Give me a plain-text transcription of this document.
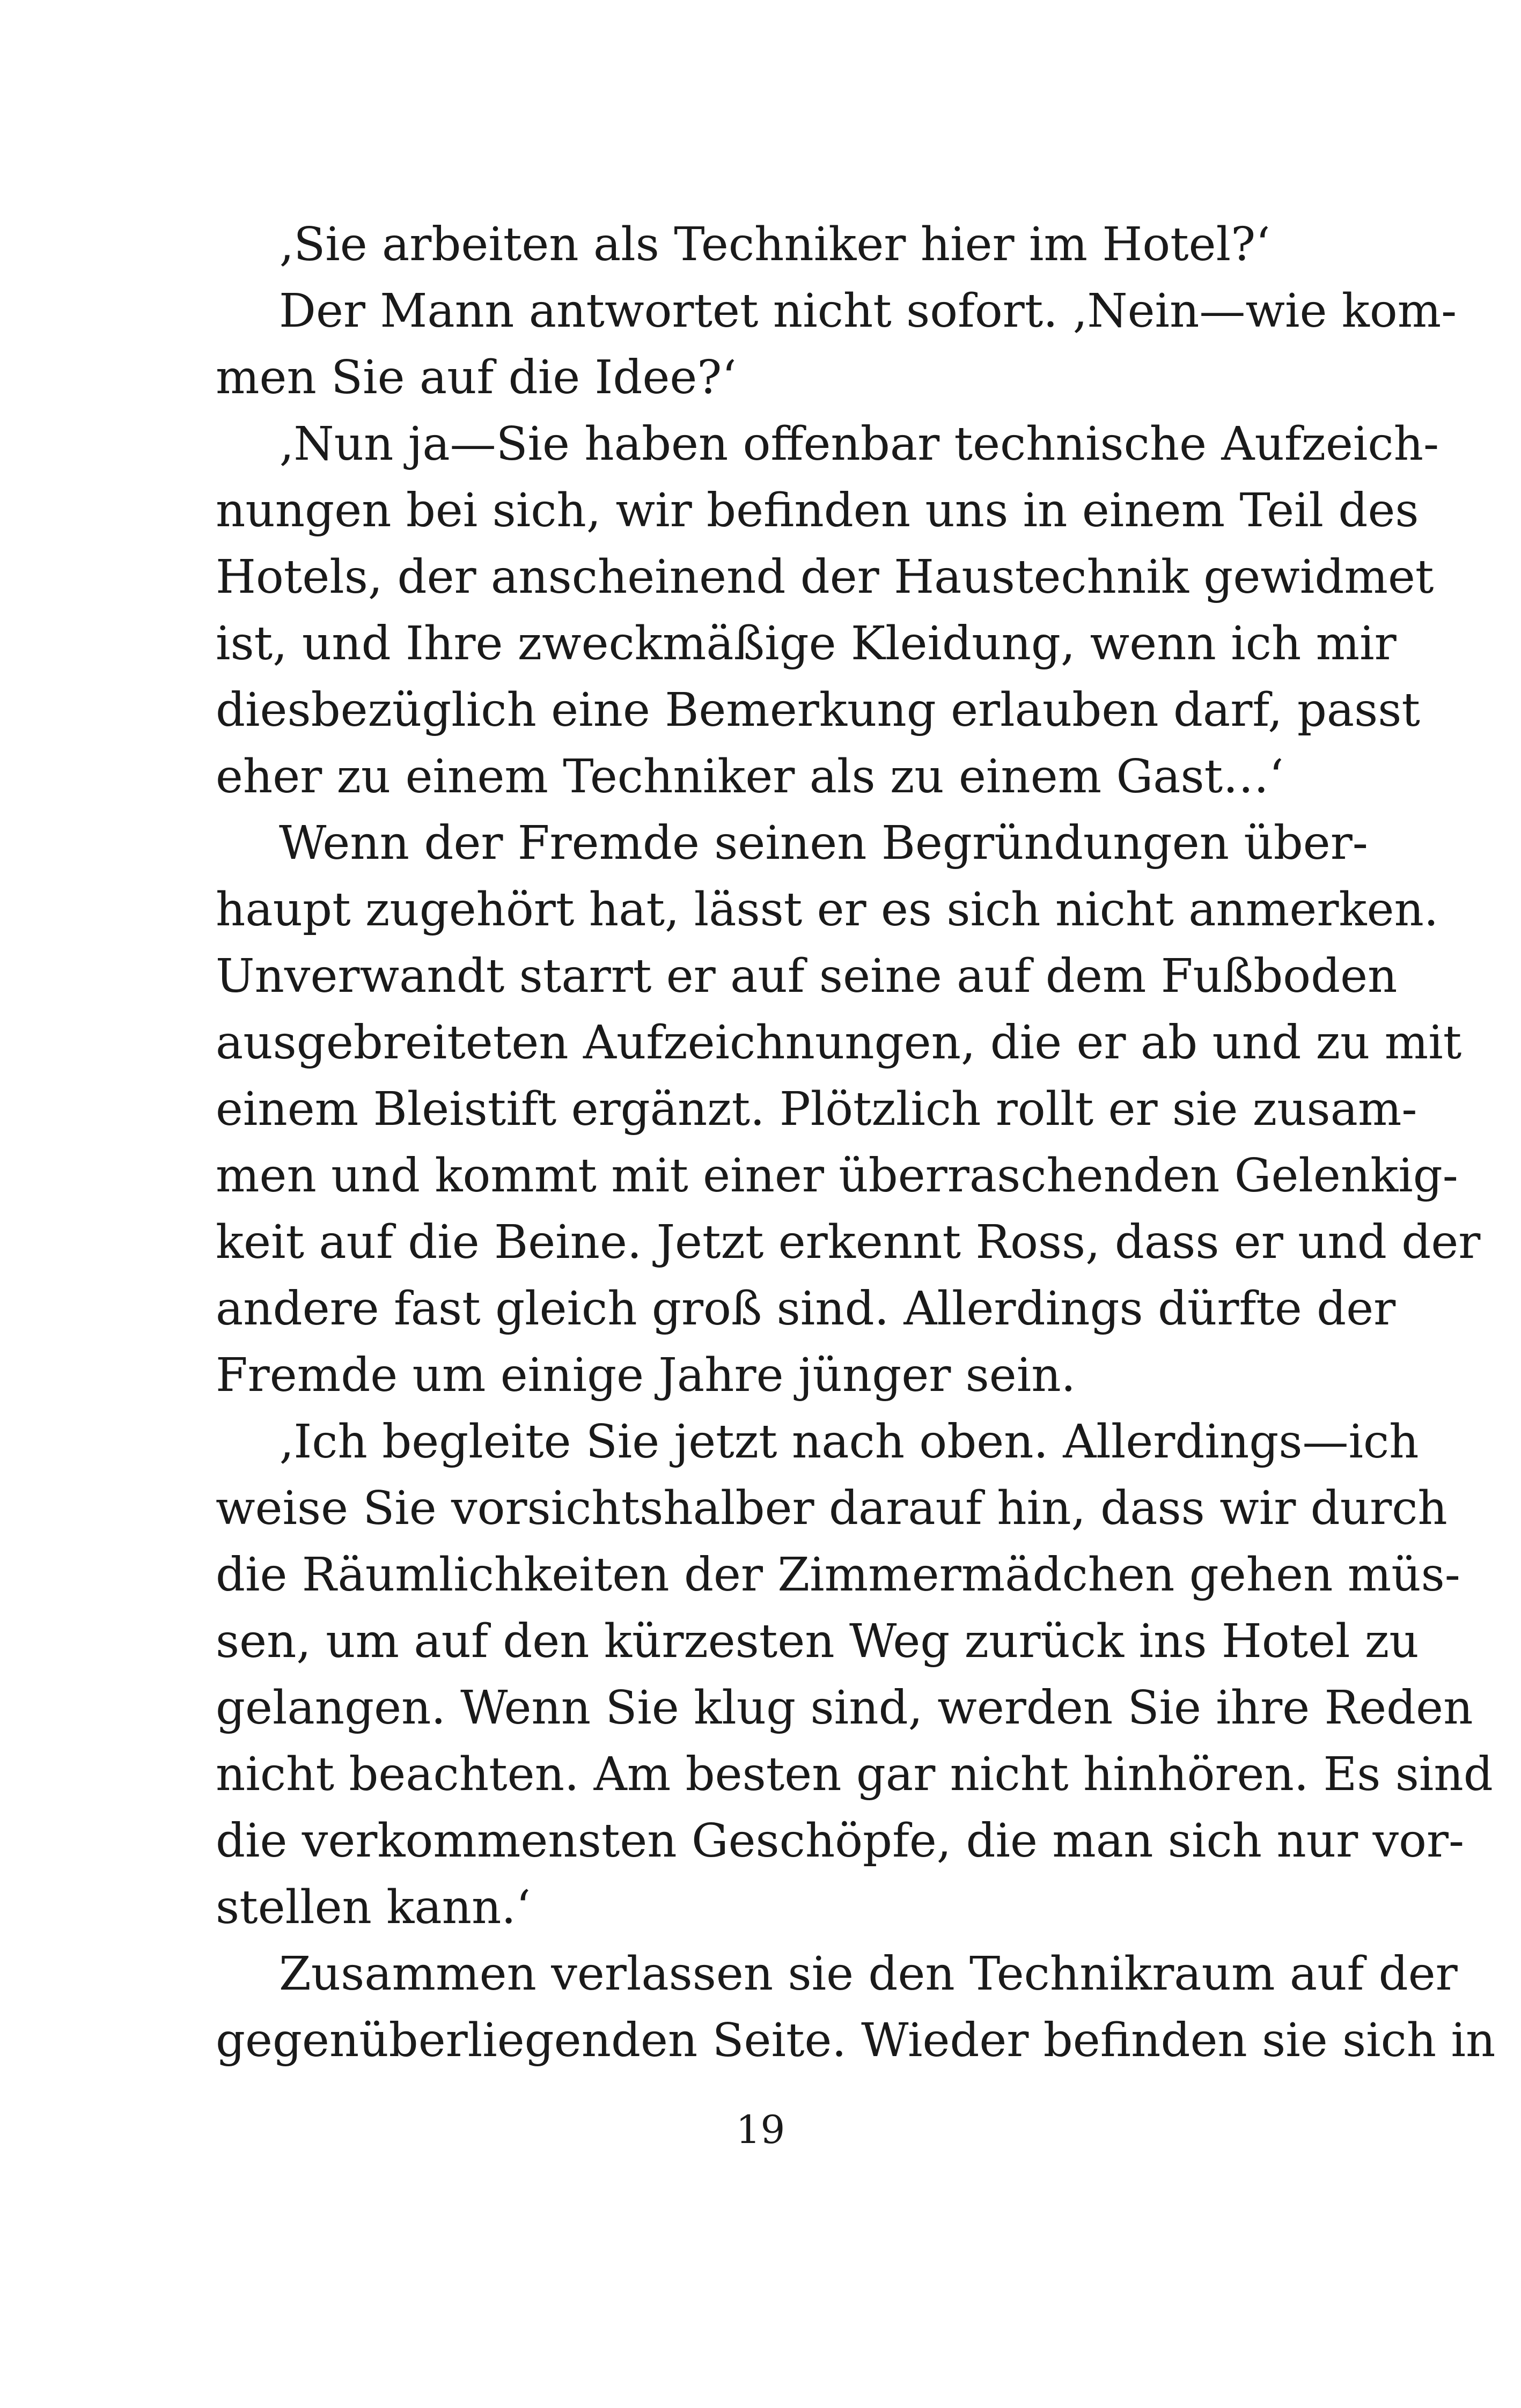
‚Sie arbeiten als Techniker hier im Hotel?‘
Der Mann antwortet nicht sofort. ‚Nein—wie kom-
men Sie auf die Idee?‘
‚Nun ja—Sie haben offenbar technische Aufzeich-
nungen bei sich, wir befinden uns in einem Teil des
Hotels, der anscheinend der Haustechnik gewidmet
ist, und Ihre zweckmäßige Kleidung, wenn ich mir
diesbezüglich eine Bemerkung erlauben darf, passt
eher zu einem Techniker als zu einem Gast…‘
Wenn der Fremde seinen Begründungen über-
haupt zugehört hat, lässt er es sich nicht anmerken.
Unverwandt starrt er auf seine auf dem Fußboden
ausgebreiteten Aufzeichnungen, die er ab und zu mit
einem Bleistift ergänzt. Plötzlich rollt er sie zusam-
men und kommt mit einer überraschenden Gelenkig-
keit auf die Beine. Jetzt erkennt Ross, dass er und der
andere fast gleich groß sind. Allerdings dürfte der
Fremde um einige Jahre jünger sein.
‚Ich begleite Sie jetzt nach oben. Allerdings—ich
weise Sie vorsichtshalber darauf hin, dass wir durch
die Räumlichkeiten der Zimmermädchen gehen müs-
sen, um auf den kürzesten Weg zurück ins Hotel zu
gelangen. Wenn Sie klug sind, werden Sie ihre Reden
nicht beachten. Am besten gar nicht hinhören. Es sind
die verkommensten Geschöpfe, die man sich nur vor-
stellen kann.‘
Zusammen verlassen sie den Technikraum auf der
gegenüberliegenden Seite. Wieder befinden sie sich in
19
